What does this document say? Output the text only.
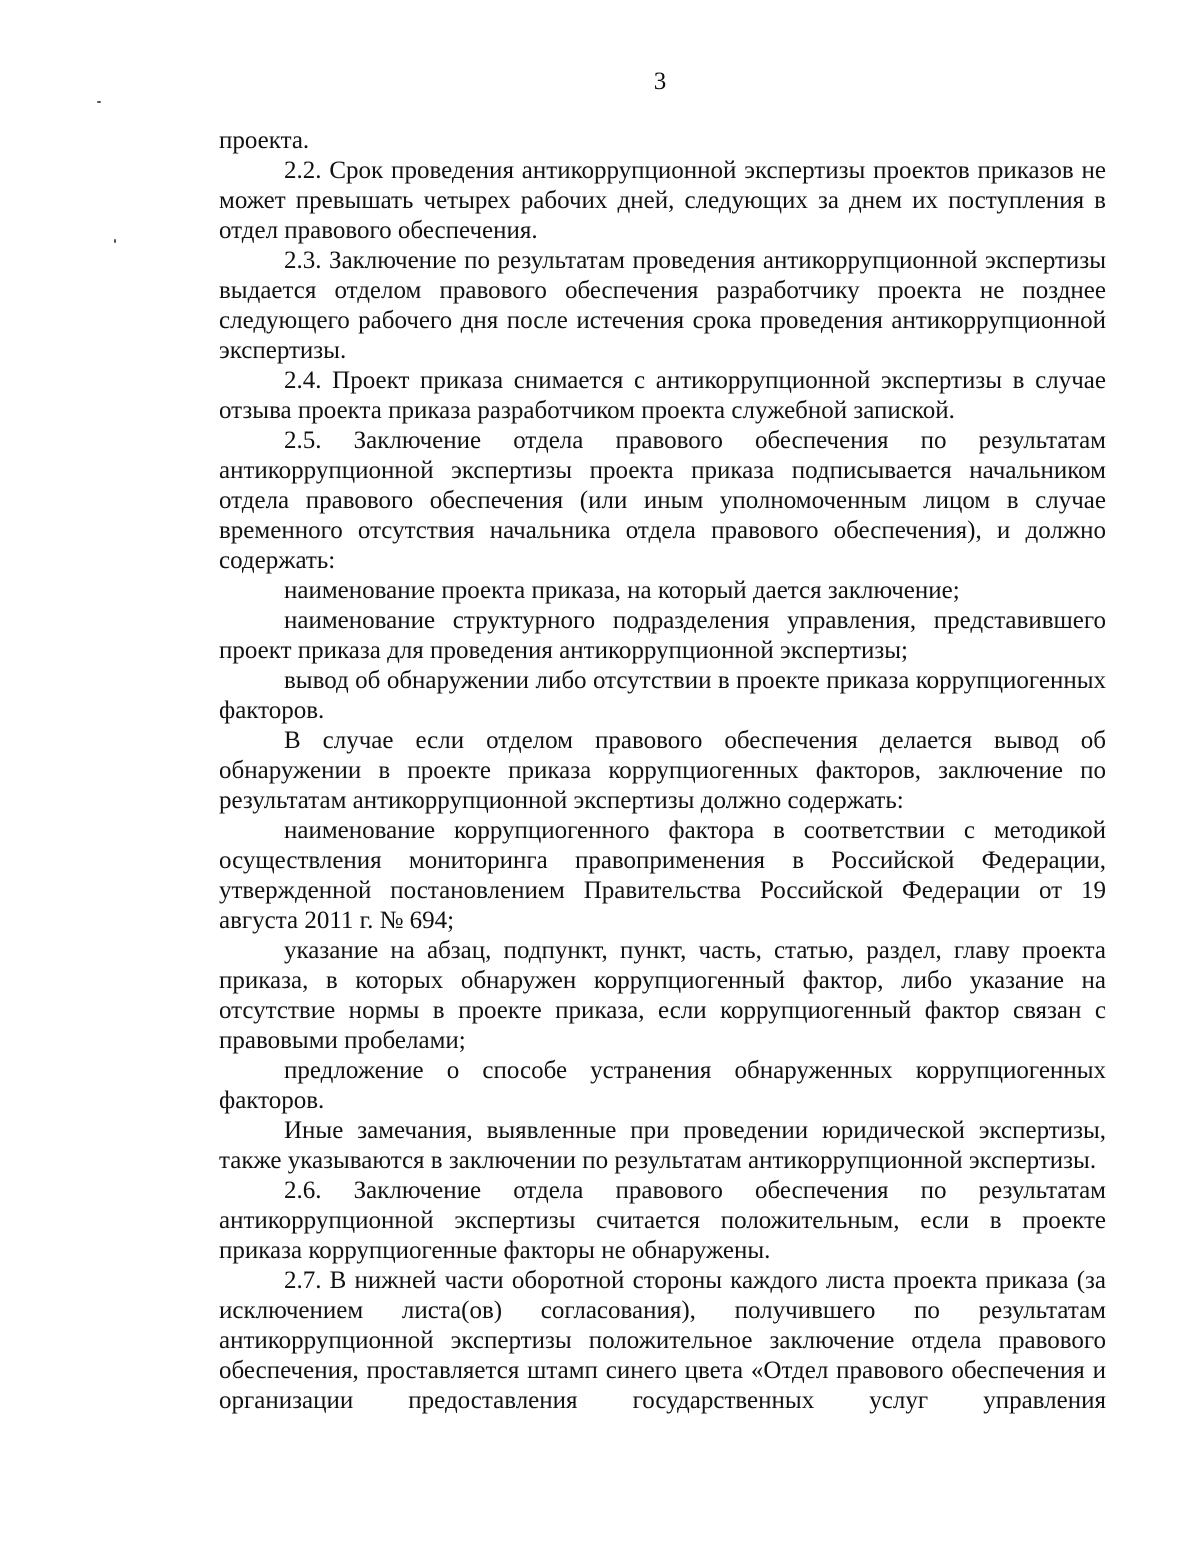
3

проекта.

2.2. Срок проведения антикоррупционной экспертизы проектов приказов не может превышать четырех рабочих дней, следующих за днем их поступления в отдел правового обеспечения.

2.3. Заключение по результатам проведения антикоррупционной экспертизы выдается отделом правового обеспечения разработчику проекта не позднее следующего рабочего дня после истечения срока проведения антикоррупционной экспертизы.

2.4. Проект приказа снимается с антикоррупционной экспертизы в случае отзыва проекта приказа разработчиком проекта служебной запиской.

2.5. Заключение отдела правового обеспечения по результатам антикоррупционной экспертизы проекта приказа подписывается начальником отдела правового обеспечения (или иным уполномоченным лицом в случае временного отсутствия начальника отдела правового обеспечения), и должно содержать:

наименование проекта приказа, на который дается заключение;

наименование структурного подразделения управления, представившего проект приказа для проведения антикоррупционной экспертизы;

вывод об обнаружении либо отсутствии в проекте приказа коррупциогенных факторов.

В случае если отделом правового обеспечения делается вывод об обнаружении в проекте приказа коррупциогенных факторов, заключение по результатам антикоррупционной экспертизы должно содержать:

наименование коррупциогенного фактора в соответствии с методикой осуществления мониторинга правоприменения в Российской Федерации, утвержденной постановлением Правительства Российской Федерации от 19 августа 2011 г. № 694;

указание на абзац, подпункт, пункт, часть, статью, раздел, главу проекта приказа, в которых обнаружен коррупциогенный фактор, либо указание на отсутствие нормы в проекте приказа, если коррупциогенный фактор связан с правовыми пробелами;

предложение о способе устранения обнаруженных коррупциогенных факторов.

Иные замечания, выявленные при проведении юридической экспертизы, также указываются в заключении по результатам антикоррупционной экспертизы.

2.6. Заключение отдела правового обеспечения по результатам антикоррупционной экспертизы считается положительным, если в проекте приказа коррупциогенные факторы не обнаружены.

2.7. В нижней части оборотной стороны каждого листа проекта приказа (за исключением листа(ов) согласования), получившего по результатам антикоррупционной экспертизы положительное заключение отдела правового обеспечения, проставляется штамп синего цвета «Отдел правового обеспечения и организации предоставления государственных услуг управления
